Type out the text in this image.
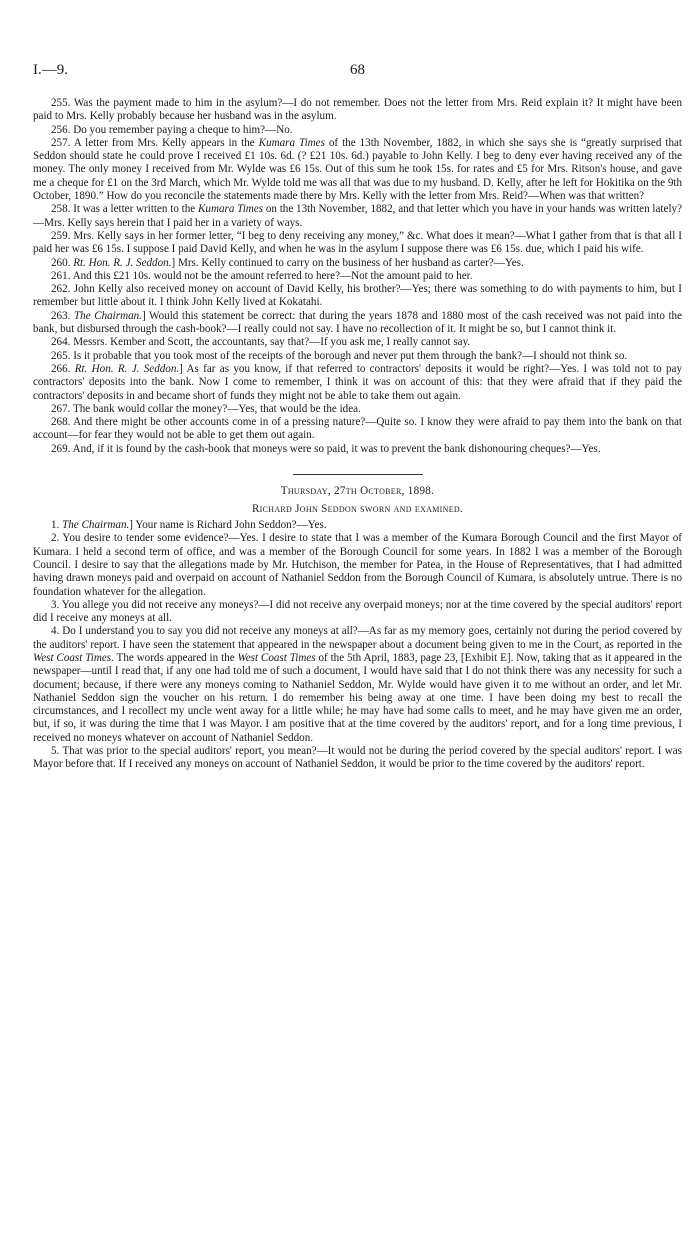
I.—9.	68

255. Was the payment made to him in the asylum?—I do not remember. Does not the letter from Mrs. Reid explain it? It might have been paid to Mrs. Kelly probably because her husband was in the asylum.

256. Do you remember paying a cheque to him?—No.

257. A letter from Mrs. Kelly appears in the Kumara Times of the 13th November, 1882, in which she says she is “greatly surprised that Seddon should state he could prove I received £1 10s. 6d. (? £21 10s. 6d.) payable to John Kelly. I beg to deny ever having received any of the money. The only money I received from Mr. Wylde was £6 15s. Out of this sum he took 15s. for rates and £5 for Mrs. Ritson's house, and gave me a cheque for £1 on the 3rd March, which Mr. Wylde told me was all that was due to my husband. D. Kelly, after he left for Hokitika on the 9th October, 1890.” How do you reconcile the statements made there by Mrs. Kelly with the letter from Mrs. Reid?—When was that written?

258. It was a letter written to the Kumara Times on the 13th November, 1882, and that letter which you have in your hands was written lately?—Mrs. Kelly says herein that I paid her in a variety of ways.

259. Mrs. Kelly says in her former letter, “I beg to deny receiving any money,” &c. What does it mean?—What I gather from that is that all I paid her was £6 15s. I suppose I paid David Kelly, and when he was in the asylum I suppose there was £6 15s. due, which I paid his wife.

260. Rt. Hon. R. J. Seddon.] Mrs. Kelly continued to carry on the business of her husband as carter?—Yes.

261. And this £21 10s. would not be the amount referred to here?—Not the amount paid to her.

262. John Kelly also received money on account of David Kelly, his brother?—Yes; there was something to do with payments to him, but I remember but little about it. I think John Kelly lived at Kokatahi.

263. The Chairman.] Would this statement be correct: that during the years 1878 and 1880 most of the cash received was not paid into the bank, but disbursed through the cash-book?—I really could not say. I have no recollection of it. It might be so, but I cannot think it.

264. Messrs. Kember and Scott, the accountants, say that?—If you ask me, I really cannot say.

265. Is it probable that you took most of the receipts of the borough and never put them through the bank?—I should not think so.

266. Rt. Hon. R. J. Seddon.] As far as you know, if that referred to contractors' deposits it would be right?—Yes. I was told not to pay contractors' deposits into the bank. Now I come to remember, I think it was on account of this: that they were afraid that if they paid the contractors' deposits in and became short of funds they might not be able to take them out again.

267. The bank would collar the money?—Yes, that would be the idea.

268. And there might be other accounts come in of a pressing nature?—Quite so. I know they were afraid to pay them into the bank on that account—for fear they would not be able to get them out again.

269. And, if it is found by the cash-book that moneys were so paid, it was to prevent the bank dishonouring cheques?—Yes.

Thursday, 27th October, 1898.

Richard John Seddon sworn and examined.

1. The Chairman.] Your name is Richard John Seddon?—Yes.

2. You desire to tender some evidence?—Yes. I desire to state that I was a member of the Kumara Borough Council and the first Mayor of Kumara. I held a second term of office, and was a member of the Borough Council for some years. In 1882 I was a member of the Borough Council. I desire to say that the allegations made by Mr. Hutchison, the member for Patea, in the House of Representatives, that I had admitted having drawn moneys paid and overpaid on account of Nathaniel Seddon from the Borough Council of Kumara, is absolutely untrue. There is no foundation whatever for the allegation.

3. You allege you did not receive any moneys?—I did not receive any overpaid moneys; nor at the time covered by the special auditors' report did I receive any moneys at all.

4. Do I understand you to say you did not receive any moneys at all?—As far as my memory goes, certainly not during the period covered by the auditors' report. I have seen the statement that appeared in the newspaper about a document being given to me in the Court, as reported in the West Coast Times. The words appeared in the West Coast Times of the 5th April, 1883, page 23, [Exhibit E]. Now, taking that as it appeared in the newspaper—until I read that, if any one had told me of such a document, I would have said that I do not think there was any necessity for such a document; because, if there were any moneys coming to Nathaniel Seddon, Mr. Wylde would have given it to me without an order, and let Mr. Nathaniel Seddon sign the voucher on his return. I do remember his being away at one time. I have been doing my best to recall the circumstances, and I recollect my uncle went away for a little while; he may have had some calls to meet, and he may have given me an order, but, if so, it was during the time that I was Mayor. I am positive that at the time covered by the auditors' report, and for a long time previous, I received no moneys whatever on account of Nathaniel Seddon.

5. That was prior to the special auditors' report, you mean?—It would not be during the period covered by the special auditors' report. I was Mayor before that. If I received any moneys on account of Nathaniel Seddon, it would be prior to the time covered by the auditors' report.
